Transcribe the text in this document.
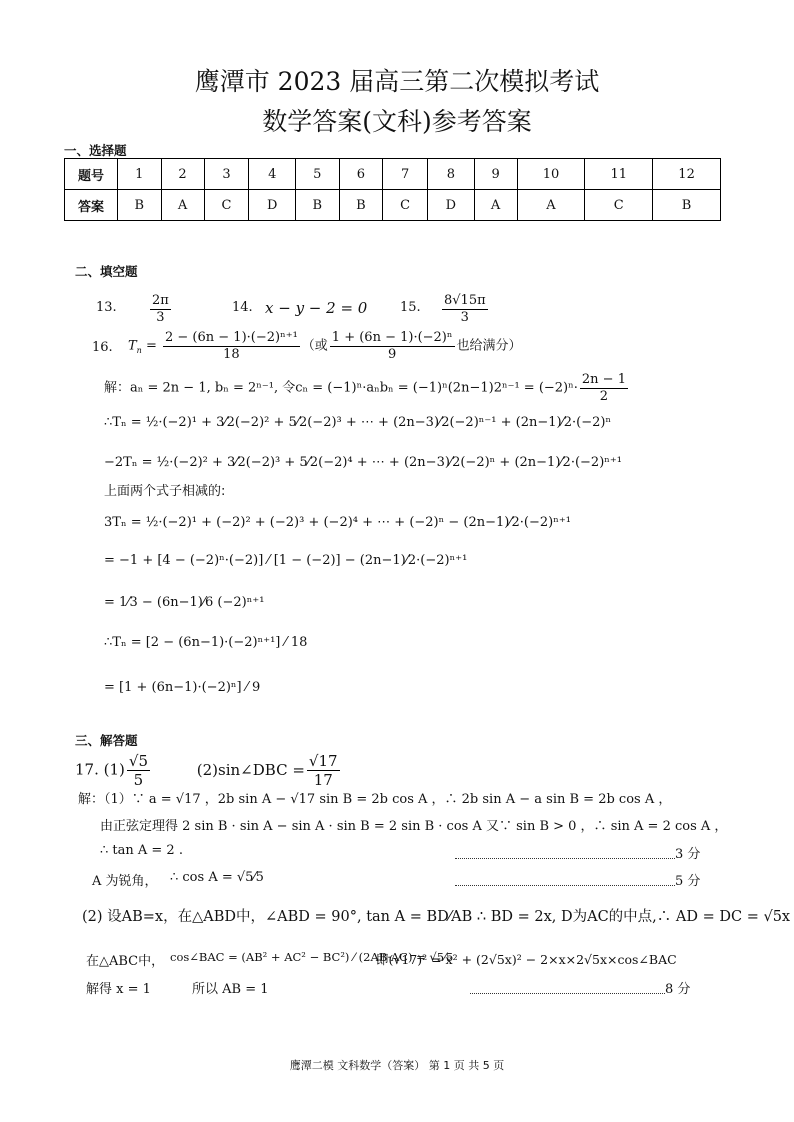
鹰潭市 2023 届高三第二次模拟考试
数学答案(文科)参考答案
一、选择题
题号	1	2	3	4	5	6	7	8	9	10	11	12
答案	B	A	C	D	B	B	C	D	A	A	C	B
二、填空题
13.	$\frac{2\pi}{3}$	14. x − y − 2 = 0	15. $\frac{8√15\pi}{3}$
16. $T_n = \frac{\text{2 − (6n − 1)·(−2)ⁿ⁺¹}}{18}$ （或 $\frac{\text{1 + (6n − 1)·(−2)ⁿ}}{9}$ 也给满分）
解：aₙ = 2n − 1, bₙ = 2ⁿ⁻¹, 令$c_n = (-1)^n\cdot a_nb_n = (-1)^n(2n-1)2^{n-1} = (-2)^n\cdot \frac{2n - 1}{2}$
∴Tₙ = ½·(−2)¹ + 3⁄2(−2)² + 5⁄2(−2)³ + ⋯ + (2n−3)⁄2(−2)ⁿ⁻¹ + (2n−1)⁄2·(−2)ⁿ
−2Tₙ = ½·(−2)² + 3⁄2(−2)³ + 5⁄2(−2)⁴ + ⋯ + (2n−3)⁄2(−2)ⁿ + (2n−1)⁄2·(−2)ⁿ⁺¹
上面两个式子相减的:
3Tₙ = ½·(−2)¹ + (−2)² + (−2)³ + (−2)⁴ + ⋯ + (−2)ⁿ − (2n−1)⁄2·(−2)ⁿ⁺¹
= −1 + [4 − (−2)ⁿ·(−2)] ⁄ [1 − (−2)] − (2n−1)⁄2·(−2)ⁿ⁺¹
= 1⁄3 − (6n−1)⁄6 (−2)ⁿ⁺¹
∴Tₙ = [2 − (6n−1)·(−2)ⁿ⁺¹] ⁄ 18
= [1 + (6n−1)·(−2)ⁿ] ⁄ 9
三、解答题
17. $(1) \frac{√5}{5}$	(2)sin∠DBC = $\frac{√17}{17}$
解：（1）∵ a = √17 ，2b sin A − √17 sin B = 2b cos A ，∴ 2b sin A − a sin B = 2b cos A ，
由正弦定理得 2 sin B · sin A − sin A · sin B = 2 sin B · cos A 又∵ sin B > 0 ，∴ sin A = 2 cos A ，
∴ tan A = 2 .	3 分
A 为锐角， ∴ cos A = √5⁄5	5 分
(2) 设AB=x，在△ABD中，∠ABD = 90°, tan A = BD⁄AB ∴ BD = 2x, D为AC的中点,∴ AD = DC = √5x
在△ABC中， cos∠BAC = (AB² + AC² − BC²) ⁄ (2AB·AC) = √5⁄5
即(√17)² = x² + (2√5x)² − 2×x×2√5x×cos∠BAC
解得 x = 1	所以 AB = 1	8 分
鹰潭二模 文科数学（答案） 第 1 页 共 5 页
